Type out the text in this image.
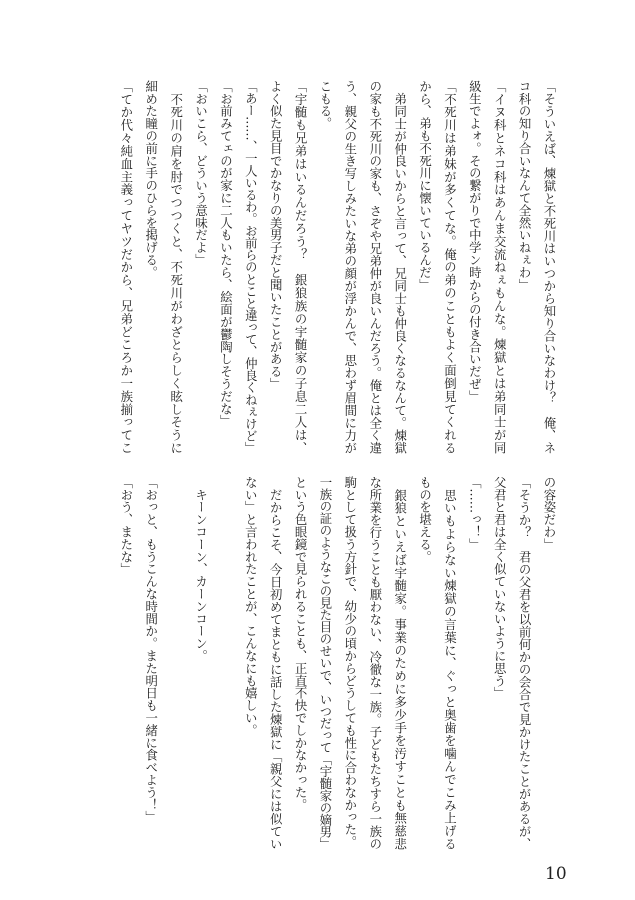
「そういえば、煉獄と不死川はいつから知り合いなわけ？　俺、ネ
コ科の知り合いなんて全然いねぇわ」
「イヌ科とネコ科はあんま交流ねぇもんな。煉獄とは弟同士が同
級生でよォ。その繋がりで中学ン時からの付き合いだぜ」
「不死川は弟妹が多くてな。俺の弟のこともよく面倒見てくれる
から、弟も不死川に懐いているんだ」
　弟同士が仲良いからと言って、兄同士も仲良くなるなんて。煉獄
の家も不死川の家も、さぞや兄弟仲が良いんだろう。俺とは全く違
う、親父の生き写しみたいな弟の顔が浮かんで、思わず眉間に力が
こもる。
「宇髄も兄弟はいるんだろう？　銀狼族の宇髄家の子息二人は、
よく似た見目でかなりの美男子だと聞いたことがある」
「あー……、一人いるわ。お前らのとこと違って、仲良くねぇけど」
「お前みてェのが家に二人もいたら、絵面が鬱陶しそうだな」
「おいこら、どういう意味だよ」
　不死川の肩を肘でつつくと、不死川がわざとらしく眩しそうに
細めた瞳の前に手のひらを掲げる。
「てか代々純血主義ってヤツだから、兄弟どころか一族揃ってこ
の容姿だわ」
「そうか？　君の父君を以前何かの会合で見かけたことがあるが、
父君と君は全く似ていないように思う」
「……っ！」
　思いもよらない煉獄の言葉に、ぐっと奥歯を噛んでこみ上げる
ものを堪える。
　銀狼といえば宇髄家。事業のために多少手を汚すことも無慈悲
な所業を行うことも厭わない、冷徹な一族。子どもたちすら一族の
駒として扱う方針で、幼少の頃からどうしても性に合わなかった。
一族の証のようなこの見た目のせいで、いつだって「宇髄家の嫡男」
という色眼鏡で見られることも、正直不快でしかなかった。
　だからこそ、今日初めてまともに話した煉獄に「親父には似てい
ない」と言われたことが、こんなにも嬉しい。
　キーンコーン、カーンコーン。
「おっと、もうこんな時間か。また明日も一緒に食べよう！」
「おう、またな」
10
